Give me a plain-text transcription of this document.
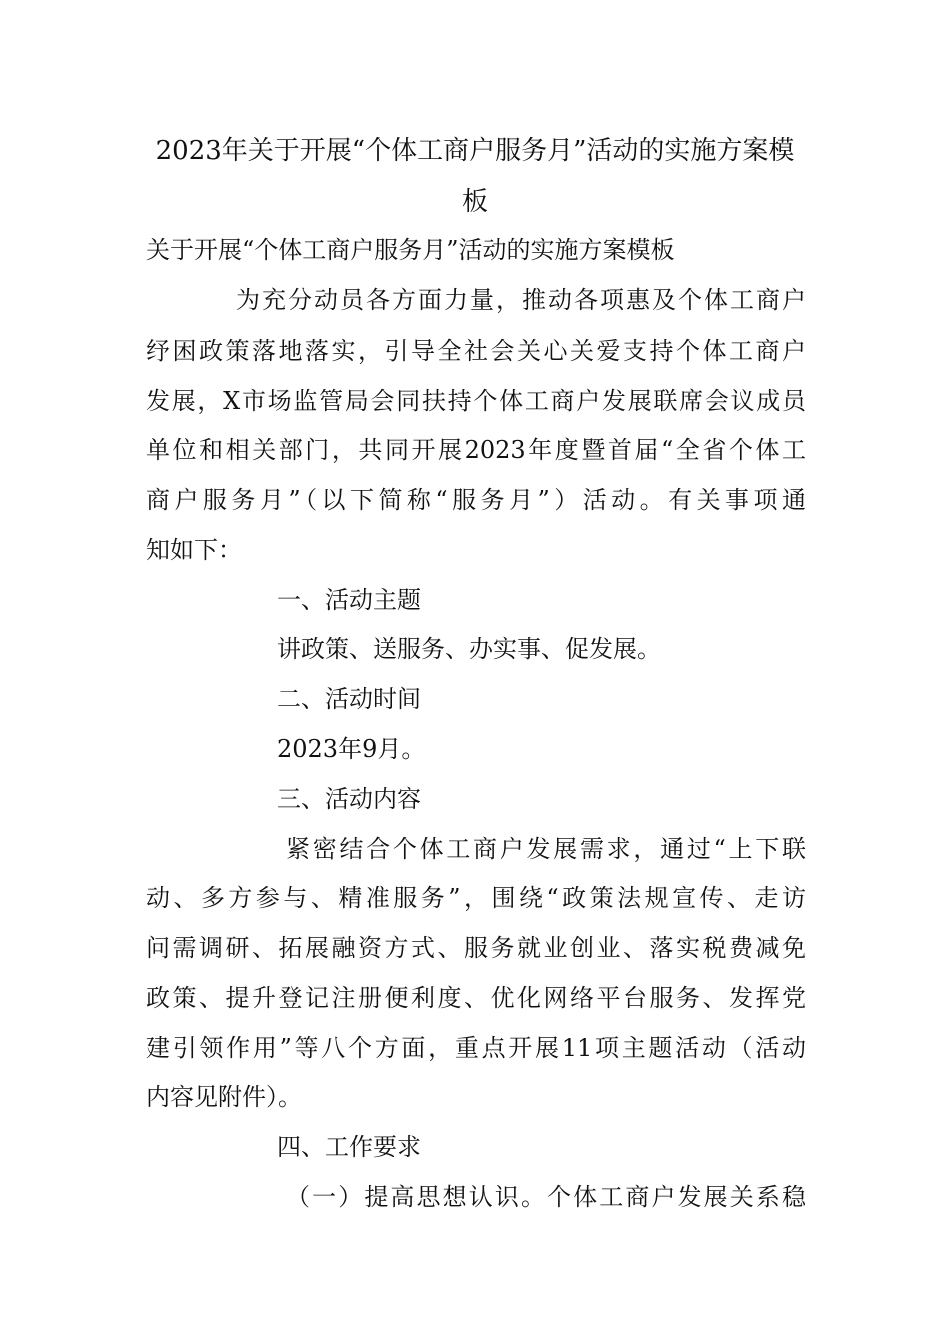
2023年关于开展“个体工商户服务月”活动的实施方案模
板
关于开展“个体工商户服务月”活动的实施方案模板
为充分动员各方面力量，推动各项惠及个体工商户
纾困政策落地落实，引导全社会关心关爱支持个体工商户
发展，X市场监管局会同扶持个体工商户发展联席会议成员
单位和相关部门，共同开展2023年度暨首届“全省个体工
商户服务月”（以下简称“服务月”）活动。有关事项通
知如下：
一、活动主题
讲政策、送服务、办实事、促发展。
二、活动时间
2023年9月。
三、活动内容
紧密结合个体工商户发展需求，通过“上下联
动、多方参与、精准服务”，围绕“政策法规宣传、走访
问需调研、拓展融资方式、服务就业创业、落实税费减免
政策、提升登记注册便利度、优化网络平台服务、发挥党
建引领作用”等八个方面，重点开展11项主题活动（活动
内容见附件）。
四、工作要求
（一）提高思想认识。个体工商户发展关系稳
